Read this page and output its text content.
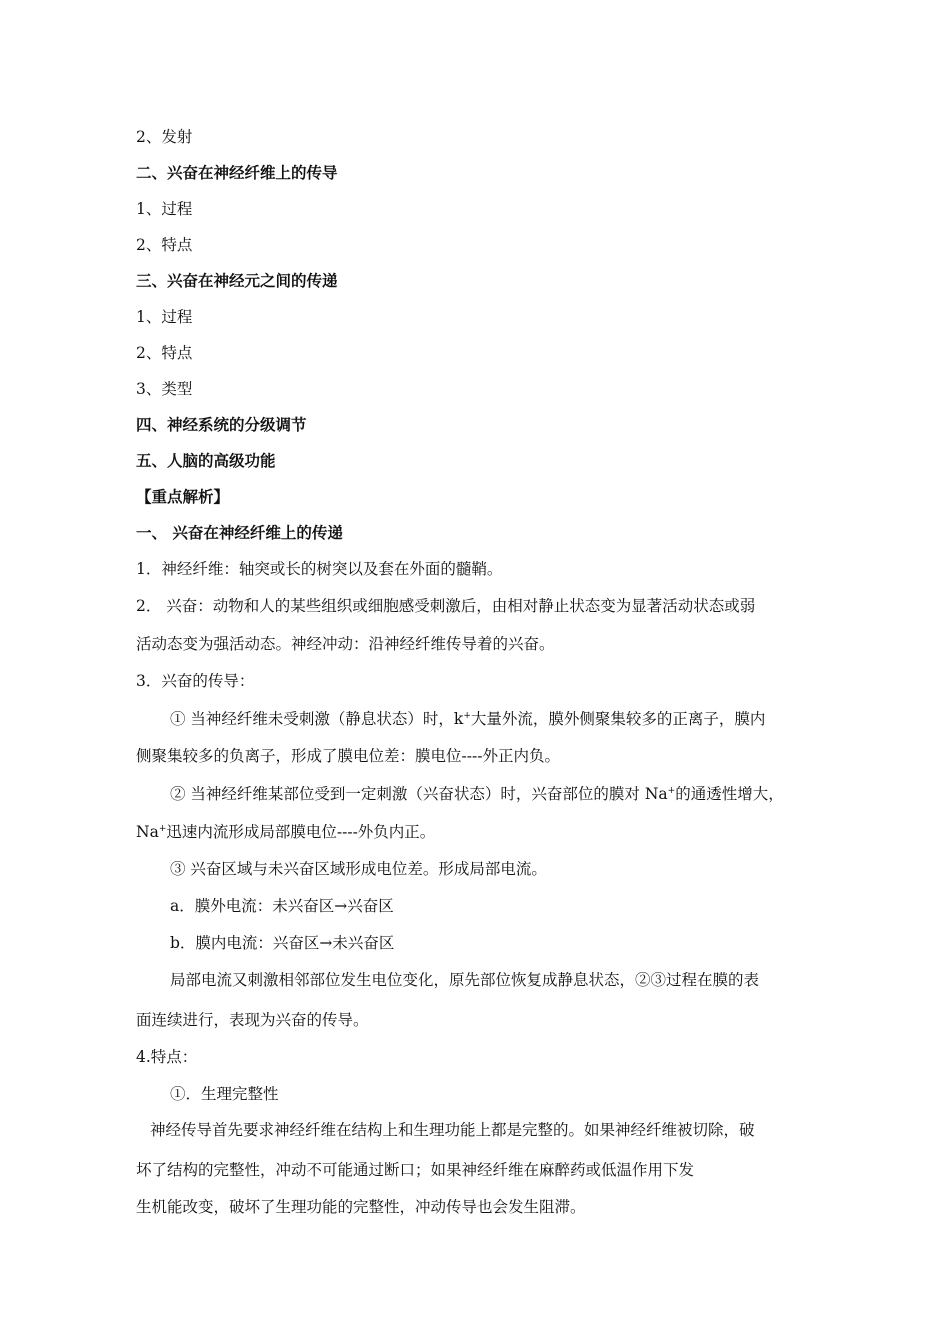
2、发射
二、兴奋在神经纤维上的传导
1、过程
2、特点
三、兴奋在神经元之间的传递
1、过程
2、特点
3、类型
四、神经系统的分级调节
五、人脑的高级功能
【重点解析】
一、 兴奋在神经纤维上的传递
1．神经纤维：轴突或长的树突以及套在外面的髓鞘。
2． 兴奋：动物和人的某些组织或细胞感受刺激后，由相对静止状态变为显著活动状态或弱
活动态变为强活动态。神经冲动：沿神经纤维传导着的兴奋。
3．兴奋的传导：
① 当神经纤维未受刺激（静息状态）时，k+大量外流，膜外侧聚集较多的正离子，膜内
侧聚集较多的负离子，形成了膜电位差：膜电位----外正内负。
② 当神经纤维某部位受到一定刺激（兴奋状态）时，兴奋部位的膜对 Na+的通透性增大，
Na+迅速内流形成局部膜电位----外负内正。
③ 兴奋区域与未兴奋区域形成电位差。形成局部电流。
a．膜外电流：未兴奋区→兴奋区
b．膜内电流：兴奋区→未兴奋区
局部电流又刺激相邻部位发生电位变化，原先部位恢复成静息状态，②③过程在膜的表
面连续进行，表现为兴奋的传导。
4.特点：
①．生理完整性
神经传导首先要求神经纤维在结构上和生理功能上都是完整的。如果神经纤维被切除，破
坏了结构的完整性，冲动不可能通过断口；如果神经纤维在麻醉药或低温作用下发
生机能改变，破坏了生理功能的完整性，冲动传导也会发生阻滞。
